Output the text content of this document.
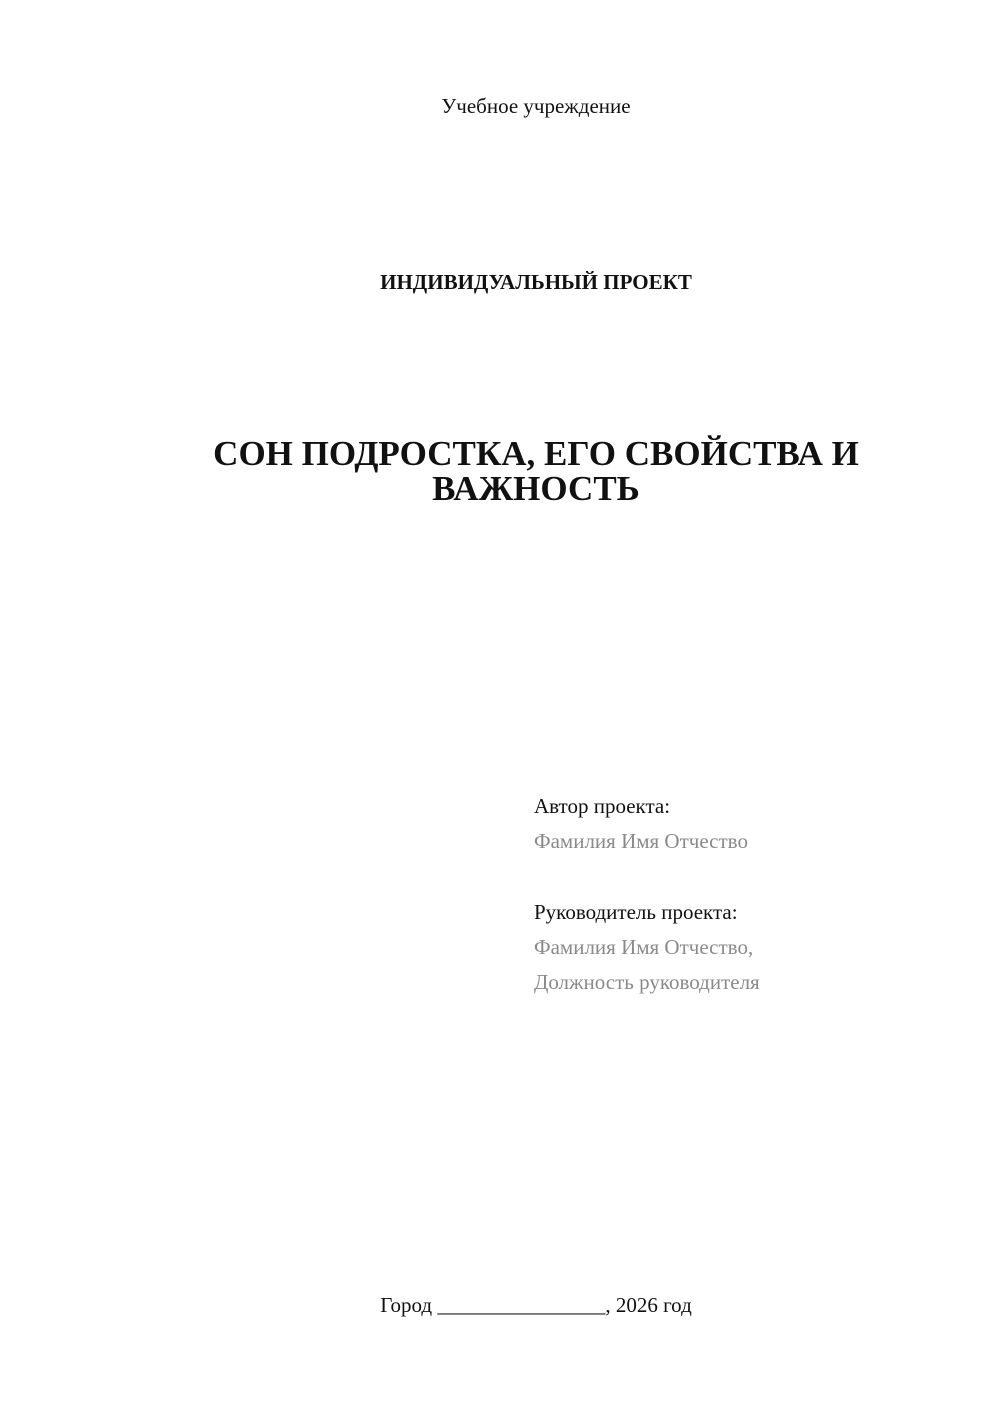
Учебное учреждение
ИНДИВИДУАЛЬНЫЙ ПРОЕКТ
СОН ПОДРОСТКА, ЕГО СВОЙСТВА И
ВАЖНОСТЬ
Автор проекта:
Фамилия Имя Отчество
Руководитель проекта:
Фамилия Имя Отчество,
Должность руководителя
Город ________________, 2026 год
